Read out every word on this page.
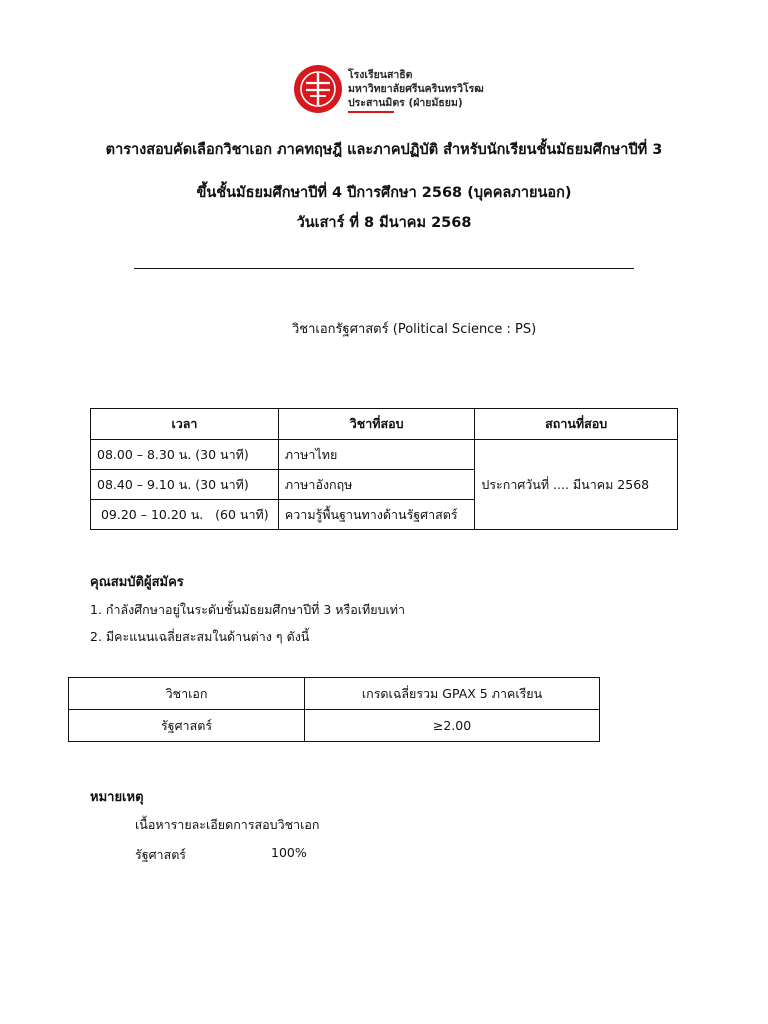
โรงเรียนสาธิต
มหาวิทยาลัยศรีนครินทรวิโรฒ
ประสานมิตร (ฝ่ายมัธยม)
ตารางสอบคัดเลือกวิชาเอก ภาคทฤษฎี และภาคปฏิบัติ สำหรับนักเรียนชั้นมัธยมศึกษาปีที่ 3
ขึ้นชั้นมัธยมศึกษาปีที่ 4 ปีการศึกษา 2568 (บุคคลภายนอก)
วันเสาร์ ที่ 8 มีนาคม 2568
วิชาเอกรัฐศาสตร์ (Political Science : PS)
เวลา	วิชาที่สอบ	สถานที่สอบ
08.00 – 8.30 น. (30 นาที)	ภาษาไทย	ประกาศวันที่ .... มีนาคม 2568
08.40 – 9.10 น. (30 นาที)	ภาษาอังกฤษ	
09.20 – 10.20 น.   (60 นาที)	ความรู้พื้นฐานทางด้านรัฐศาสตร์	
คุณสมบัติผู้สมัคร
1. กำลังศึกษาอยู่ในระดับชั้นมัธยมศึกษาปีที่ 3 หรือเทียบเท่า
2. มีคะแนนเฉลี่ยสะสมในด้านต่าง ๆ ดังนี้
วิชาเอก	เกรดเฉลี่ยรวม GPAX 5 ภาคเรียน
รัฐศาสตร์	≥2.00
หมายเหตุ
เนื้อหารายละเอียดการสอบวิชาเอก
รัฐศาสตร์	100%
